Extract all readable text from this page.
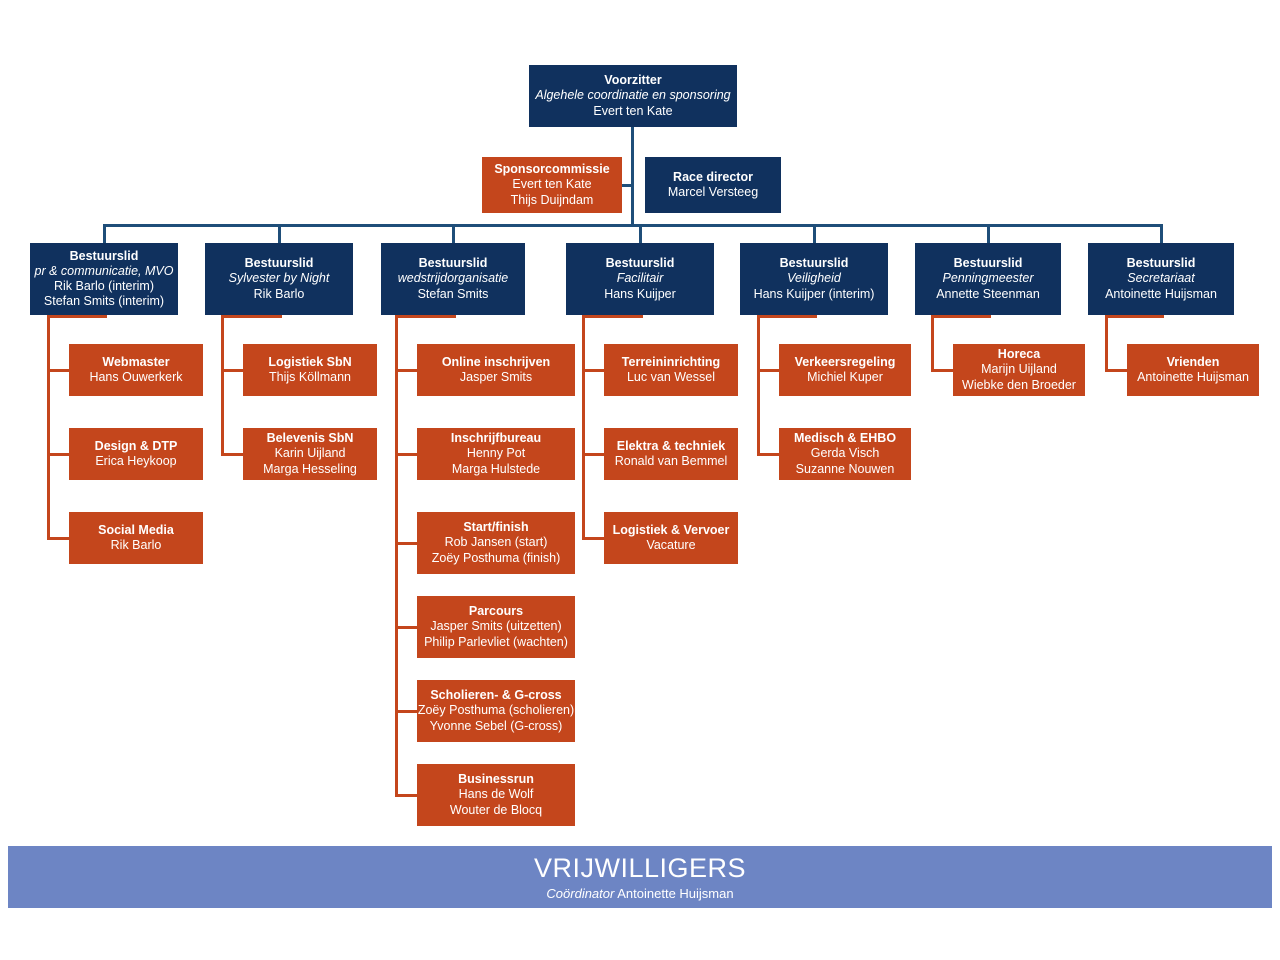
Voorzitter
Algehele coordinatie en sponsoring
Evert ten Kate
Sponsorcommissie
Evert ten Kate
Thijs Duijndam
Race director
Marcel Versteeg
Bestuurslid
pr & communicatie, MVO
Rik Barlo (interim)
Stefan Smits (interim)
Bestuurslid
Sylvester by Night
Rik Barlo
Bestuurslid
wedstrijdorganisatie
Stefan Smits
Bestuurslid
Facilitair
Hans Kuijper
Bestuurslid
Veiligheid
Hans Kuijper (interim)
Bestuurslid
Penningmeester
Annette Steenman
Bestuurslid
Secretariaat
Antoinette Huijsman
Webmaster
Hans Ouwerkerk
Design & DTP
Erica Heykoop
Social Media
Rik Barlo
Logistiek SbN
Thijs Köllmann
Belevenis SbN
Karin Uijland
Marga Hesseling
Online inschrijven
Jasper Smits
Inschrijfbureau
Henny Pot
Marga Hulstede
Start/finish
Rob Jansen (start)
Zoëy Posthuma (finish)
Parcours
Jasper Smits (uitzetten)
Philip Parlevliet (wachten)
Scholieren- & G-cross
Zoëy Posthuma (scholieren)
Yvonne Sebel (G-cross)
Businessrun
Hans de Wolf
Wouter de Blocq
Terreininrichting
Luc van Wessel
Elektra & techniek
Ronald van Bemmel
Logistiek & Vervoer
Vacature
Verkeersregeling
Michiel Kuper
Medisch & EHBO
Gerda Visch
Suzanne Nouwen
Horeca
Marijn Uijland
Wiebke den Broeder
Vrienden
Antoinette Huijsman
VRIJWILLIGERS
Coördinator Antoinette Huijsman
